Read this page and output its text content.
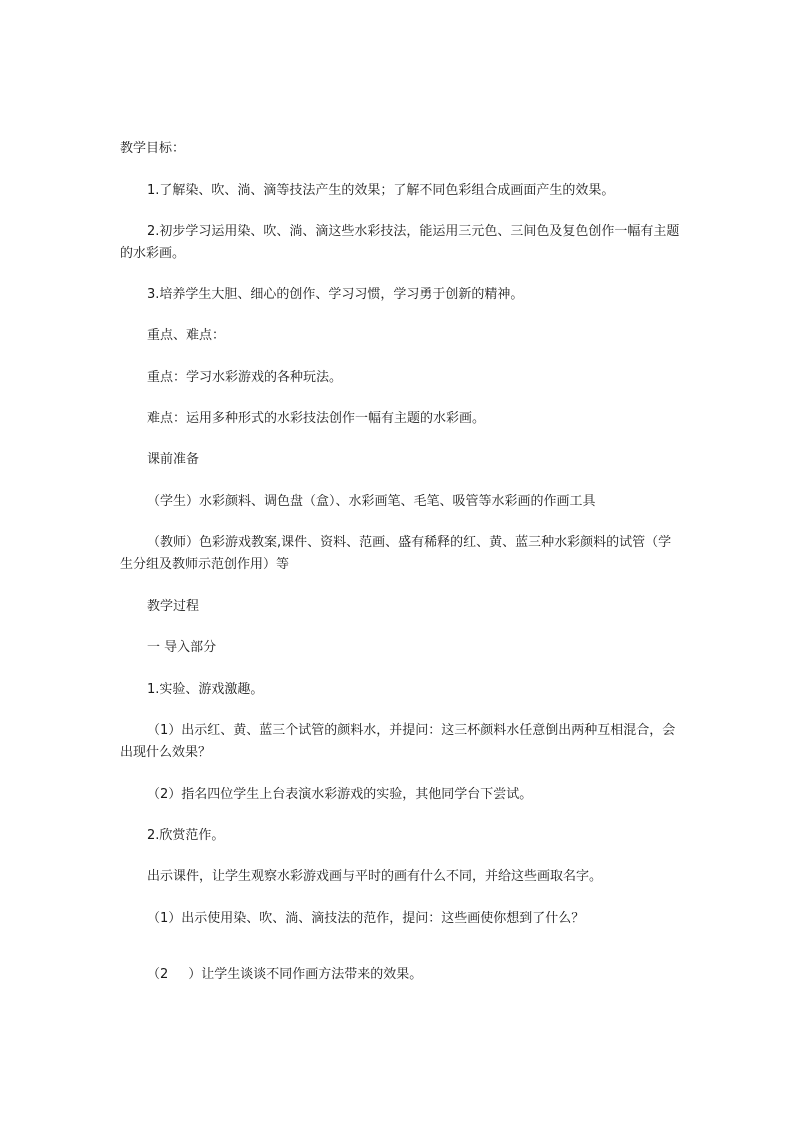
教学目标：
1.了解染、吹、淌、滴等技法产生的效果；了解不同色彩组合成画面产生的效果。
2.初步学习运用染、吹、淌、滴这些水彩技法，能运用三元色、三间色及复色创作一幅有主题的水彩画。
3.培养学生大胆、细心的创作、学习习惯，学习勇于创新的精神。
重点、难点：
重点：学习水彩游戏的各种玩法。
难点：运用多种形式的水彩技法创作一幅有主题的水彩画。
课前准备
（学生）水彩颜料、调色盘（盒）、水彩画笔、毛笔、吸管等水彩画的作画工具
（教师）色彩游戏教案,课件、资料、范画、盛有稀释的红、黄、蓝三种水彩颜料的试管（学生分组及教师示范创作用）等
教学过程
一 导入部分
1.实验、游戏激趣。
（1）出示红、黄、蓝三个试管的颜料水，并提问：这三杯颜料水任意倒出两种互相混合，会出现什么效果？
（2）指名四位学生上台表演水彩游戏的实验，其他同学台下尝试。
2.欣赏范作。
出示课件，让学生观察水彩游戏画与平时的画有什么不同，并给这些画取名字。
（1）出示使用染、吹、淌、滴技法的范作，提问：这些画使你想到了什么？
（2 ）让学生谈谈不同作画方法带来的效果。
